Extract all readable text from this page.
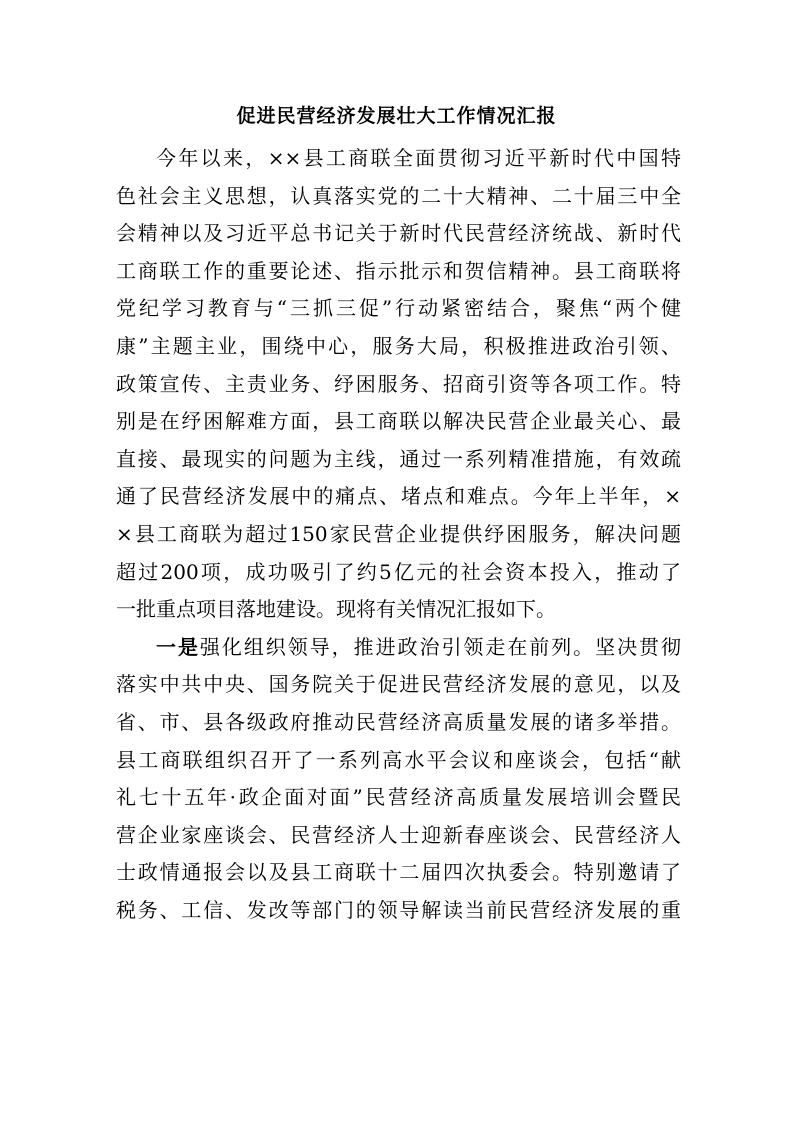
促进民营经济发展壮大工作情况汇报
今年以来，××县工商联全面贯彻习近平新时代中国特
色社会主义思想，认真落实党的二十大精神、二十届三中全
会精神以及习近平总书记关于新时代民营经济统战、新时代
工商联工作的重要论述、指示批示和贺信精神。县工商联将
党纪学习教育与“三抓三促”行动紧密结合，聚焦“两个健
康”主题主业，围绕中心，服务大局，积极推进政治引领、
政策宣传、主责业务、纾困服务、招商引资等各项工作。特
别是在纾困解难方面，县工商联以解决民营企业最关心、最
直接、最现实的问题为主线，通过一系列精准措施，有效疏
通了民营经济发展中的痛点、堵点和难点。今年上半年，×
×县工商联为超过150家民营企业提供纾困服务，解决问题
超过200项，成功吸引了约5亿元的社会资本投入，推动了
一批重点项目落地建设。现将有关情况汇报如下。
一是强化组织领导，推进政治引领走在前列。坚决贯彻
落实中共中央、国务院关于促进民营经济发展的意见，以及
省、市、县各级政府推动民营经济高质量发展的诸多举措。
县工商联组织召开了一系列高水平会议和座谈会，包括“献
礼七十五年·政企面对面”民营经济高质量发展培训会暨民
营企业家座谈会、民营经济人士迎新春座谈会、民营经济人
士政情通报会以及县工商联十二届四次执委会。特别邀请了
税务、工信、发改等部门的领导解读当前民营经济发展的重
